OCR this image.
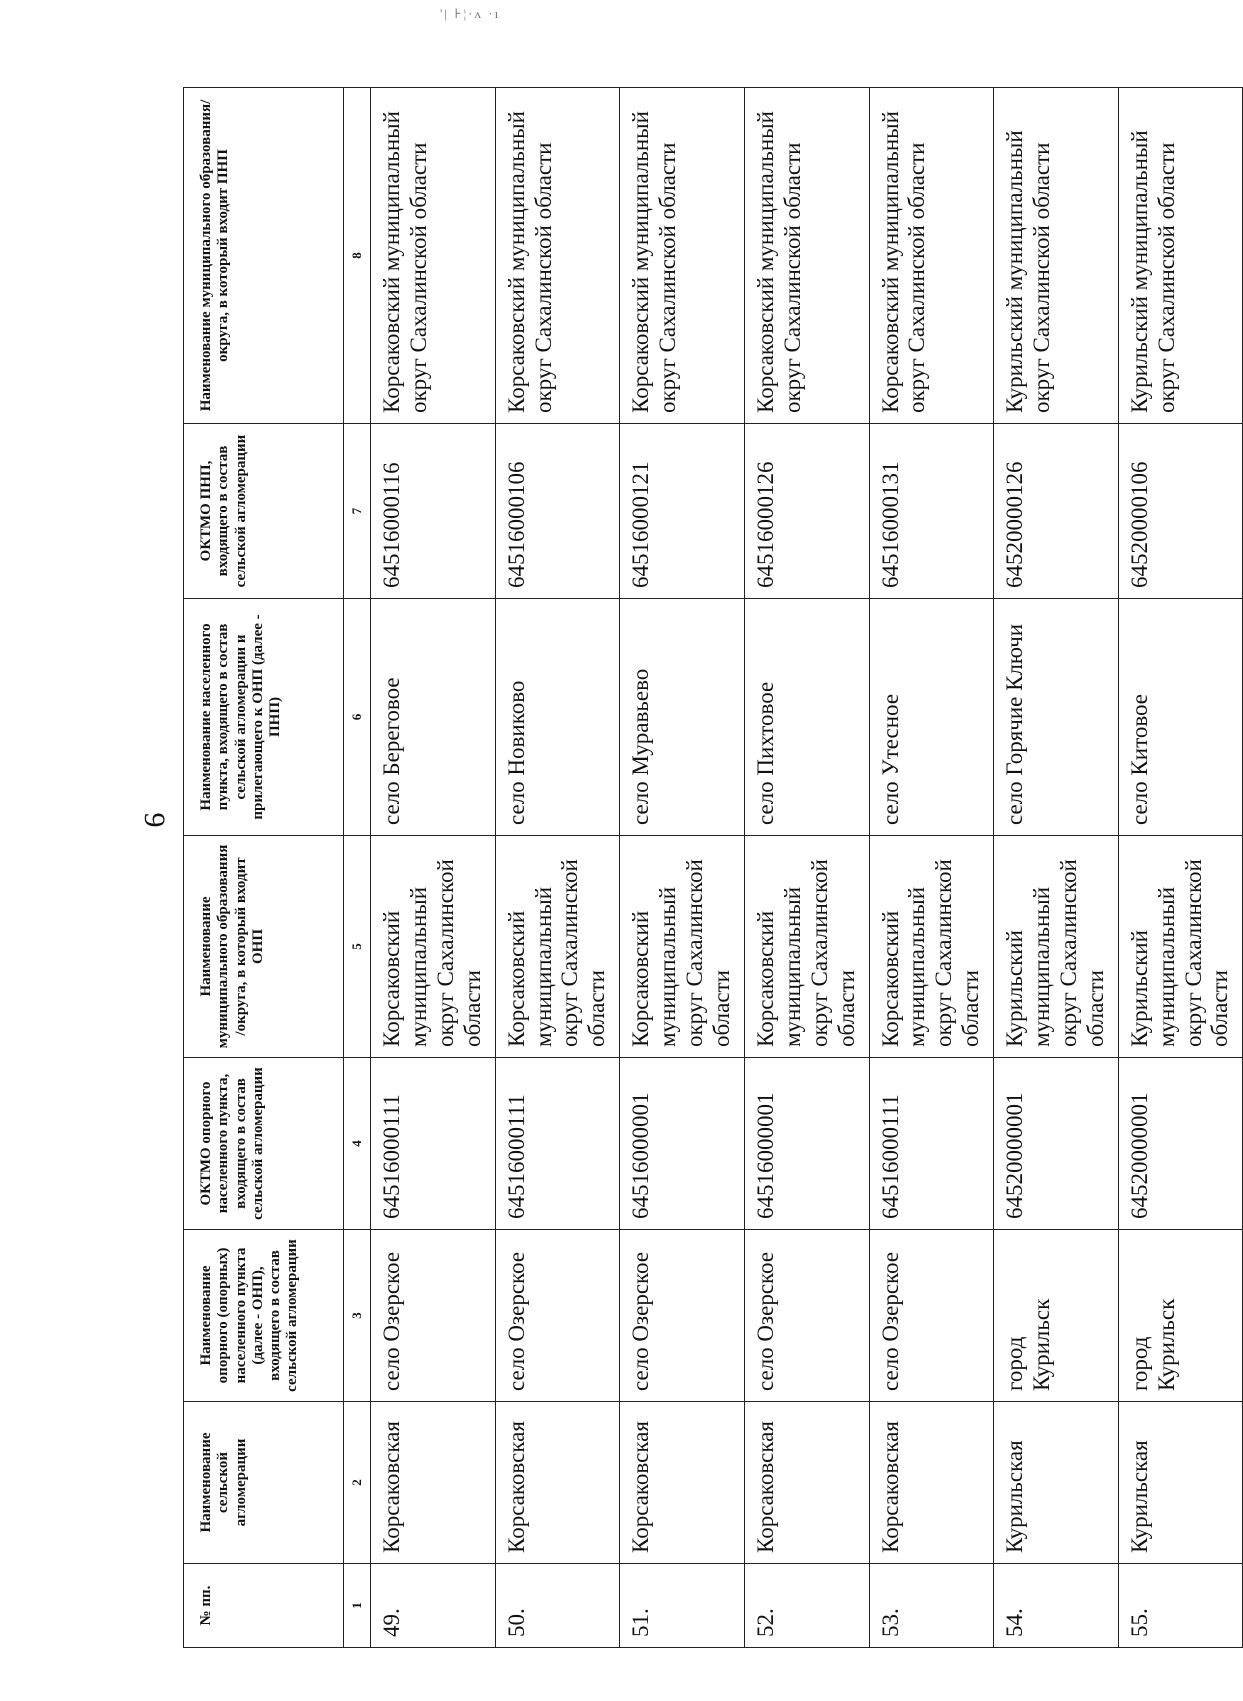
'| ⊦¦·ʌ ·ı
9
№ пп.	Наименование сельской агломерации	Наименование опорного (опорных) населенного пункта (далее - ОНП), входящего в состав сельской агломерации	ОКТМО опорного населенного пункта, входящего в состав сельской агломерации	Наименование муниципального образования /округа, в который входит ОНП	Наименование населенного пункта, входящего в состав сельской агломерации и прилегающего к ОНП (далее - ПНП)	ОКТМО ПНП, входящего в состав сельской агломерации	Наименование муниципального образования/округа, в который входит ПНП
1	2	3	4	5	6	7	8
49.	Корсаковская	село Озерское	64516000111	Корсаковский муниципальный округ Сахалинской области	село Береговое	64516000116	Корсаковский муниципальный округ Сахалинской области
50.	Корсаковская	село Озерское	64516000111	Корсаковский муниципальный округ Сахалинской области	село Новиково	64516000106	Корсаковский муниципальный округ Сахалинской области
51.	Корсаковская	село Озерское	64516000001	Корсаковский муниципальный округ Сахалинской области	село Муравьево	64516000121	Корсаковский муниципальный округ Сахалинской области
52.	Корсаковская	село Озерское	64516000001	Корсаковский муниципальный округ Сахалинской области	село Пихтовое	64516000126	Корсаковский муниципальный округ Сахалинской области
53.	Корсаковская	село Озерское	64516000111	Корсаковский муниципальный округ Сахалинской области	село Утесное	64516000131	Корсаковский муниципальный округ Сахалинской области
54.	Курильская	город Курильск	64520000001	Курильский муниципальный округ Сахалинской области	село Горячие Ключи	64520000126	Курильский муниципальный округ Сахалинской области
55.	Курильская	город Курильск	64520000001	Курильский муниципальный округ Сахалинской области	село Китовое	64520000106	Курильский муниципальный округ Сахалинской области
